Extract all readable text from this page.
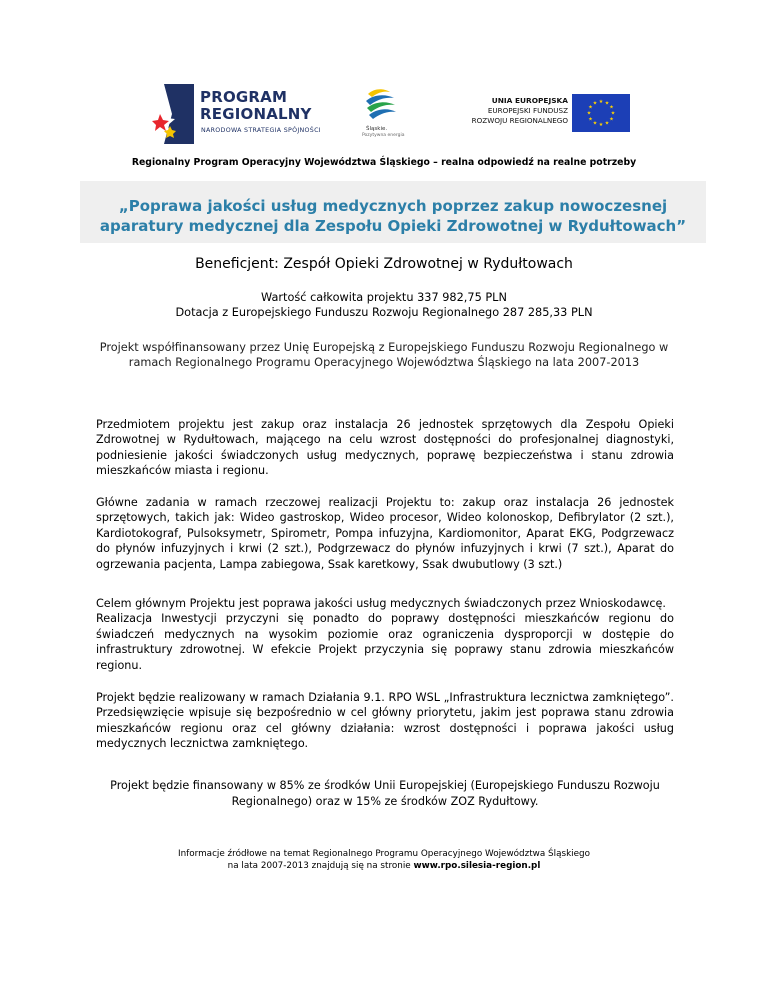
PROGRAM
REGIONALNY
NARODOWA STRATEGIA SPÓJNOŚCI	Śląskie.
Pozytywna energia
UNIA EUROPEJSKA
EUROPEJSKI FUNDUSZ
ROZWOJU REGIONALNEGO
★ ★
★
★
★
★
★
★
★
★
★
★
Regionalny Program Operacyjny Województwa Śląskiego – realna odpowiedź na realne potrzeby
„Poprawa jakości usług medycznych poprzez zakup nowoczesnej aparatury medycznej dla Zespołu Opieki Zdrowotnej w Rydułtowach”
Beneficjent: Zespół Opieki Zdrowotnej w Rydułtowach
Wartość całkowita projektu 337 982,75 PLN
Dotacja z Europejskiego Funduszu Rozwoju Regionalnego 287 285,33 PLN
Projekt współfinansowany przez Unię Europejską z Europejskiego Funduszu Rozwoju Regionalnego w ramach Regionalnego Programu Operacyjnego Województwa Śląskiego na lata 2007-2013
Przedmiotem projektu jest zakup oraz instalacja 26 jednostek sprzętowych dla Zespołu Opieki Zdrowotnej w Rydułtowach, mającego na celu wzrost dostępności do profesjonalnej diagnostyki, podniesienie jakości świadczonych usług medycznych, poprawę bezpieczeństwa i stanu zdrowia mieszkańców miasta i regionu.
Główne zadania w ramach rzeczowej realizacji Projektu to: zakup oraz instalacja 26 jednostek sprzętowych, takich jak: Wideo gastroskop, Wideo procesor, Wideo kolonoskop, Defibrylator (2 szt.), Kardiotokograf, Pulsoksymetr, Spirometr, Pompa infuzyjna, Kardiomonitor, Aparat EKG, Podgrzewacz do płynów infuzyjnych i krwi (2 szt.), Podgrzewacz do płynów infuzyjnych i krwi (7 szt.), Aparat do ogrzewania pacjenta, Lampa zabiegowa, Ssak karetkowy, Ssak dwubutlowy (3 szt.)
Celem głównym Projektu jest poprawa jakości usług medycznych świadczonych przez Wnioskodawcę.
Realizacja Inwestycji przyczyni się ponadto do poprawy dostępności mieszkańców regionu do świadczeń medycznych na wysokim poziomie oraz ograniczenia dysproporcji w dostępie do infrastruktury zdrowotnej. W efekcie Projekt przyczynia się poprawy stanu zdrowia mieszkańców regionu.
Projekt będzie realizowany w ramach Działania 9.1. RPO WSL „Infrastruktura lecznictwa zamkniętego”. Przedsięwzięcie wpisuje się bezpośrednio w cel główny priorytetu, jakim jest poprawa stanu zdrowia mieszkańców regionu oraz cel główny działania: wzrost dostępności i poprawa jakości usług medycznych lecznictwa zamkniętego.
Projekt będzie finansowany w 85% ze środków Unii Europejskiej (Europejskiego Funduszu Rozwoju Regionalnego) oraz w 15% ze środków ZOZ Rydułtowy.
Informacje źródłowe na temat Regionalnego Programu Operacyjnego Województwa Śląskiego
na lata 2007-2013 znajdują się na stronie www.rpo.silesia-region.pl
